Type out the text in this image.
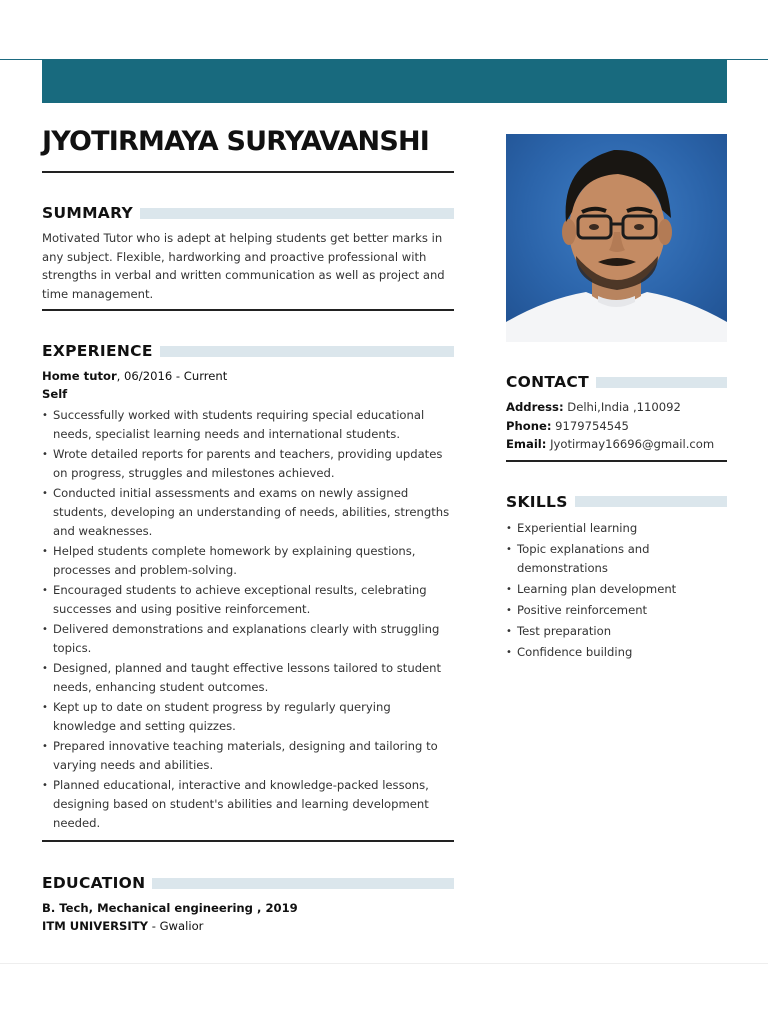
JYOTIRMAYA SURYAVANSHI
SUMMARY

Motivated Tutor who is adept at helping students get better marks in any subject. Flexible, hardworking and proactive professional with strengths in verbal and written communication as well as project and time management.

EXPERIENCE
Home tutor, 06/2016 - Current
Self
• Successfully worked with students requiring special educational needs, specialist learning needs and international students.
• Wrote detailed reports for parents and teachers, providing updates on progress, struggles and milestones achieved.
• Conducted initial assessments and exams on newly assigned students, developing an understanding of needs, abilities, strengths and weaknesses.
• Helped students complete homework by explaining questions, processes and problem-solving.
• Encouraged students to achieve exceptional results, celebrating successes and using positive reinforcement.
• Delivered demonstrations and explanations clearly with struggling topics.
• Designed, planned and taught effective lessons tailored to student needs, enhancing student outcomes.
• Kept up to date on student progress by regularly querying knowledge and setting quizzes.
• Prepared innovative teaching materials, designing and tailoring to varying needs and abilities.
• Planned educational, interactive and knowledge-packed lessons, designing based on student's abilities and learning development needed.
EDUCATION
B. Tech, Mechanical engineering , 2019
ITM UNIVERSITY - Gwalior
CONTACT
Address: Delhi,India ,110092
Phone: 9179754545
Email: Jyotirmay16696@gmail.com
SKILLS
• Experiential learning
• Topic explanations and demonstrations
• Learning plan development
• Positive reinforcement
• Test preparation
• Confidence building
